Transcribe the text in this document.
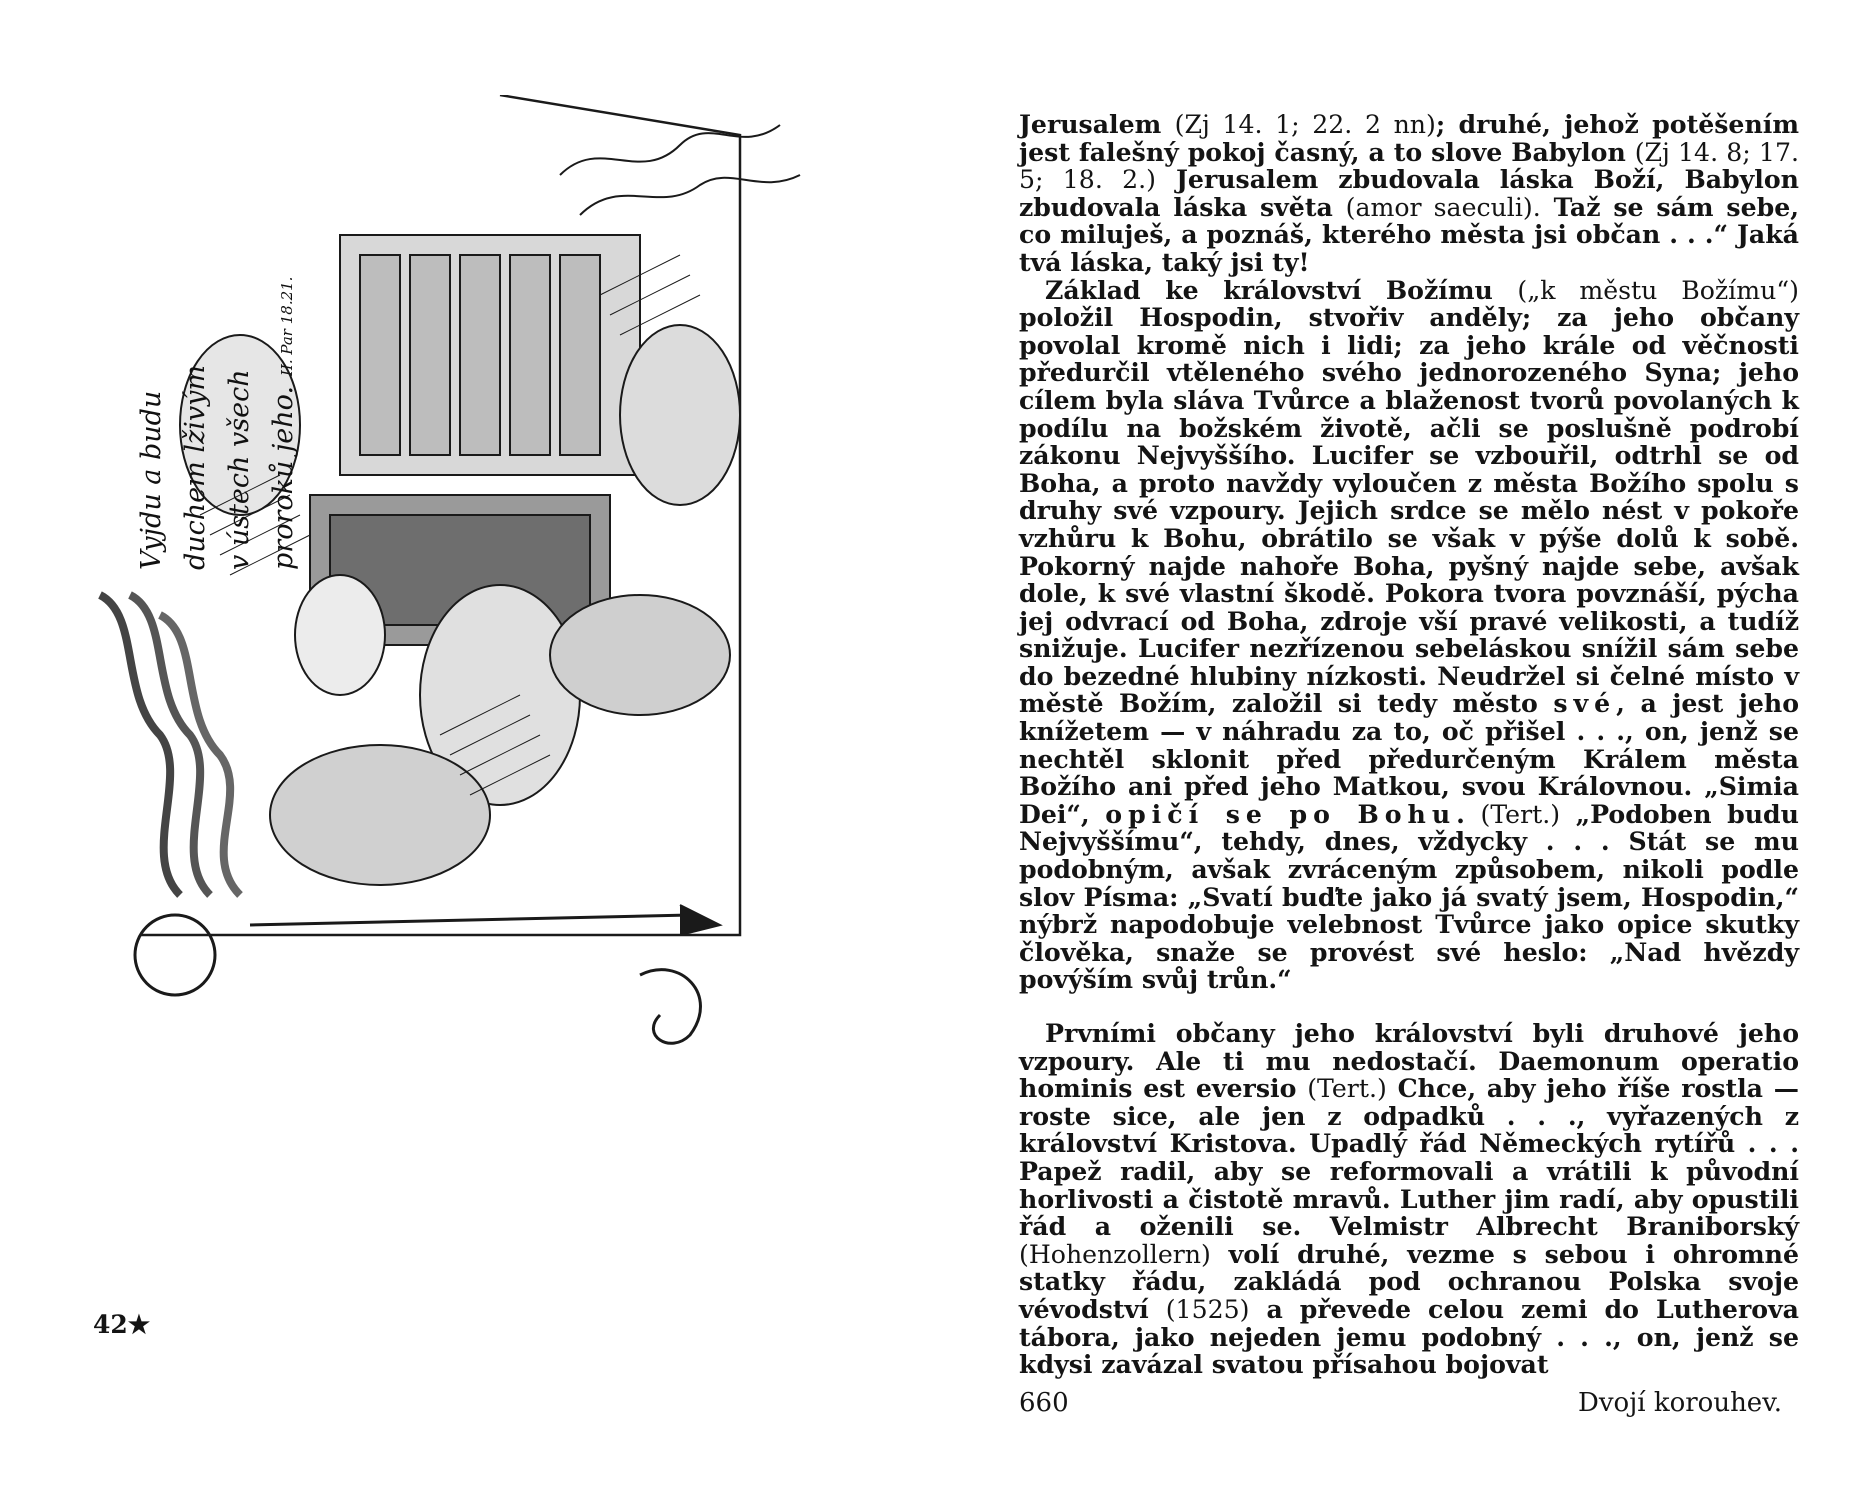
Vyjdu a budu duchem lživým v ústech všech proroků jeho.II. Par 18.21.
42★

Jerusalem (Zj 14. 1; 22. 2 nn); druhé, jehož potěšením jest falešný pokoj časný, a to slove Babylon (Zj 14. 8; 17. 5; 18. 2.) Jerusalem zbudovala láska Boží, Babylon zbudovala láska světa (amor saeculi). Taž se sám sebe, co miluješ, a poznáš, kterého města jsi občan . . .“ Jaká tvá láska, taký jsi ty!

Základ ke království Božímu („k městu Božímu“) položil Hospodin, stvořiv anděly; za jeho občany povolal kromě nich i lidi; za jeho krále od věčnosti předurčil vtěleného svého jednorozeného Syna; jeho cílem byla sláva Tvůrce a blaženost tvorů povolaných k podílu na božském životě, ačli se poslušně podrobí zákonu Nejvyššího. Lucifer se vzbouřil, odtrhl se od Boha, a proto navždy vyloučen z města Božího spolu s druhy své vzpoury. Jejich srdce se mělo nést v pokoře vzhůru k Bohu, obrátilo se však v pýše dolů k sobě. Pokorný najde nahoře Boha, pyšný najde sebe, avšak dole, k své vlastní škodě. Pokora tvora povznáší, pýcha jej odvrací od Boha, zdroje vší pravé velikosti, a tudíž snižuje. Lucifer nezřízenou sebeláskou snížil sám sebe do bezedné hlubiny nízkosti. Neudržel si čelné místo v městě Božím, založil si tedy město své, a jest jeho knížetem — v náhradu za to, oč přišel . . ., on, jenž se nechtěl sklonit před předurčeným Králem města Božího ani před jeho Matkou, svou Královnou. „Simia Dei“, opičí se po Bohu. (Tert.) „Podoben budu Nejvyššímu“, tehdy, dnes, vždycky . . . Stát se mu podobným, avšak zvráceným způsobem, nikoli podle slov Písma: „Svatí buďte jako já svatý jsem, Hospodin,“ nýbrž napodobuje velebnost Tvůrce jako opice skutky člověka, snaže se provést své heslo: „Nad hvězdy povýším svůj trůn.“

Prvními občany jeho království byli druhové jeho vzpoury. Ale ti mu nedostačí. Daemonum operatio hominis est eversio (Tert.) Chce, aby jeho říše rostla — roste sice, ale jen z odpadků . . ., vyřazených z království Kristova. Upadlý řád Německých rytířů . . . Papež radil, aby se reformovali a vrátili k původní horlivosti a čistotě mravů. Luther jim radí, aby opustili řád a oženili se. Velmistr Albrecht Braniborský (Hohenzollern) volí druhé, vezme s sebou i ohromné statky řádu, zakládá pod ochranou Polska svoje vévodství (1525) a převede celou zemi do Lutherova tábora, jako nejeden jemu podobný . . ., on, jenž se kdysi zavázal svatou přísahou bojovat

660	Dvojí korouhev.
